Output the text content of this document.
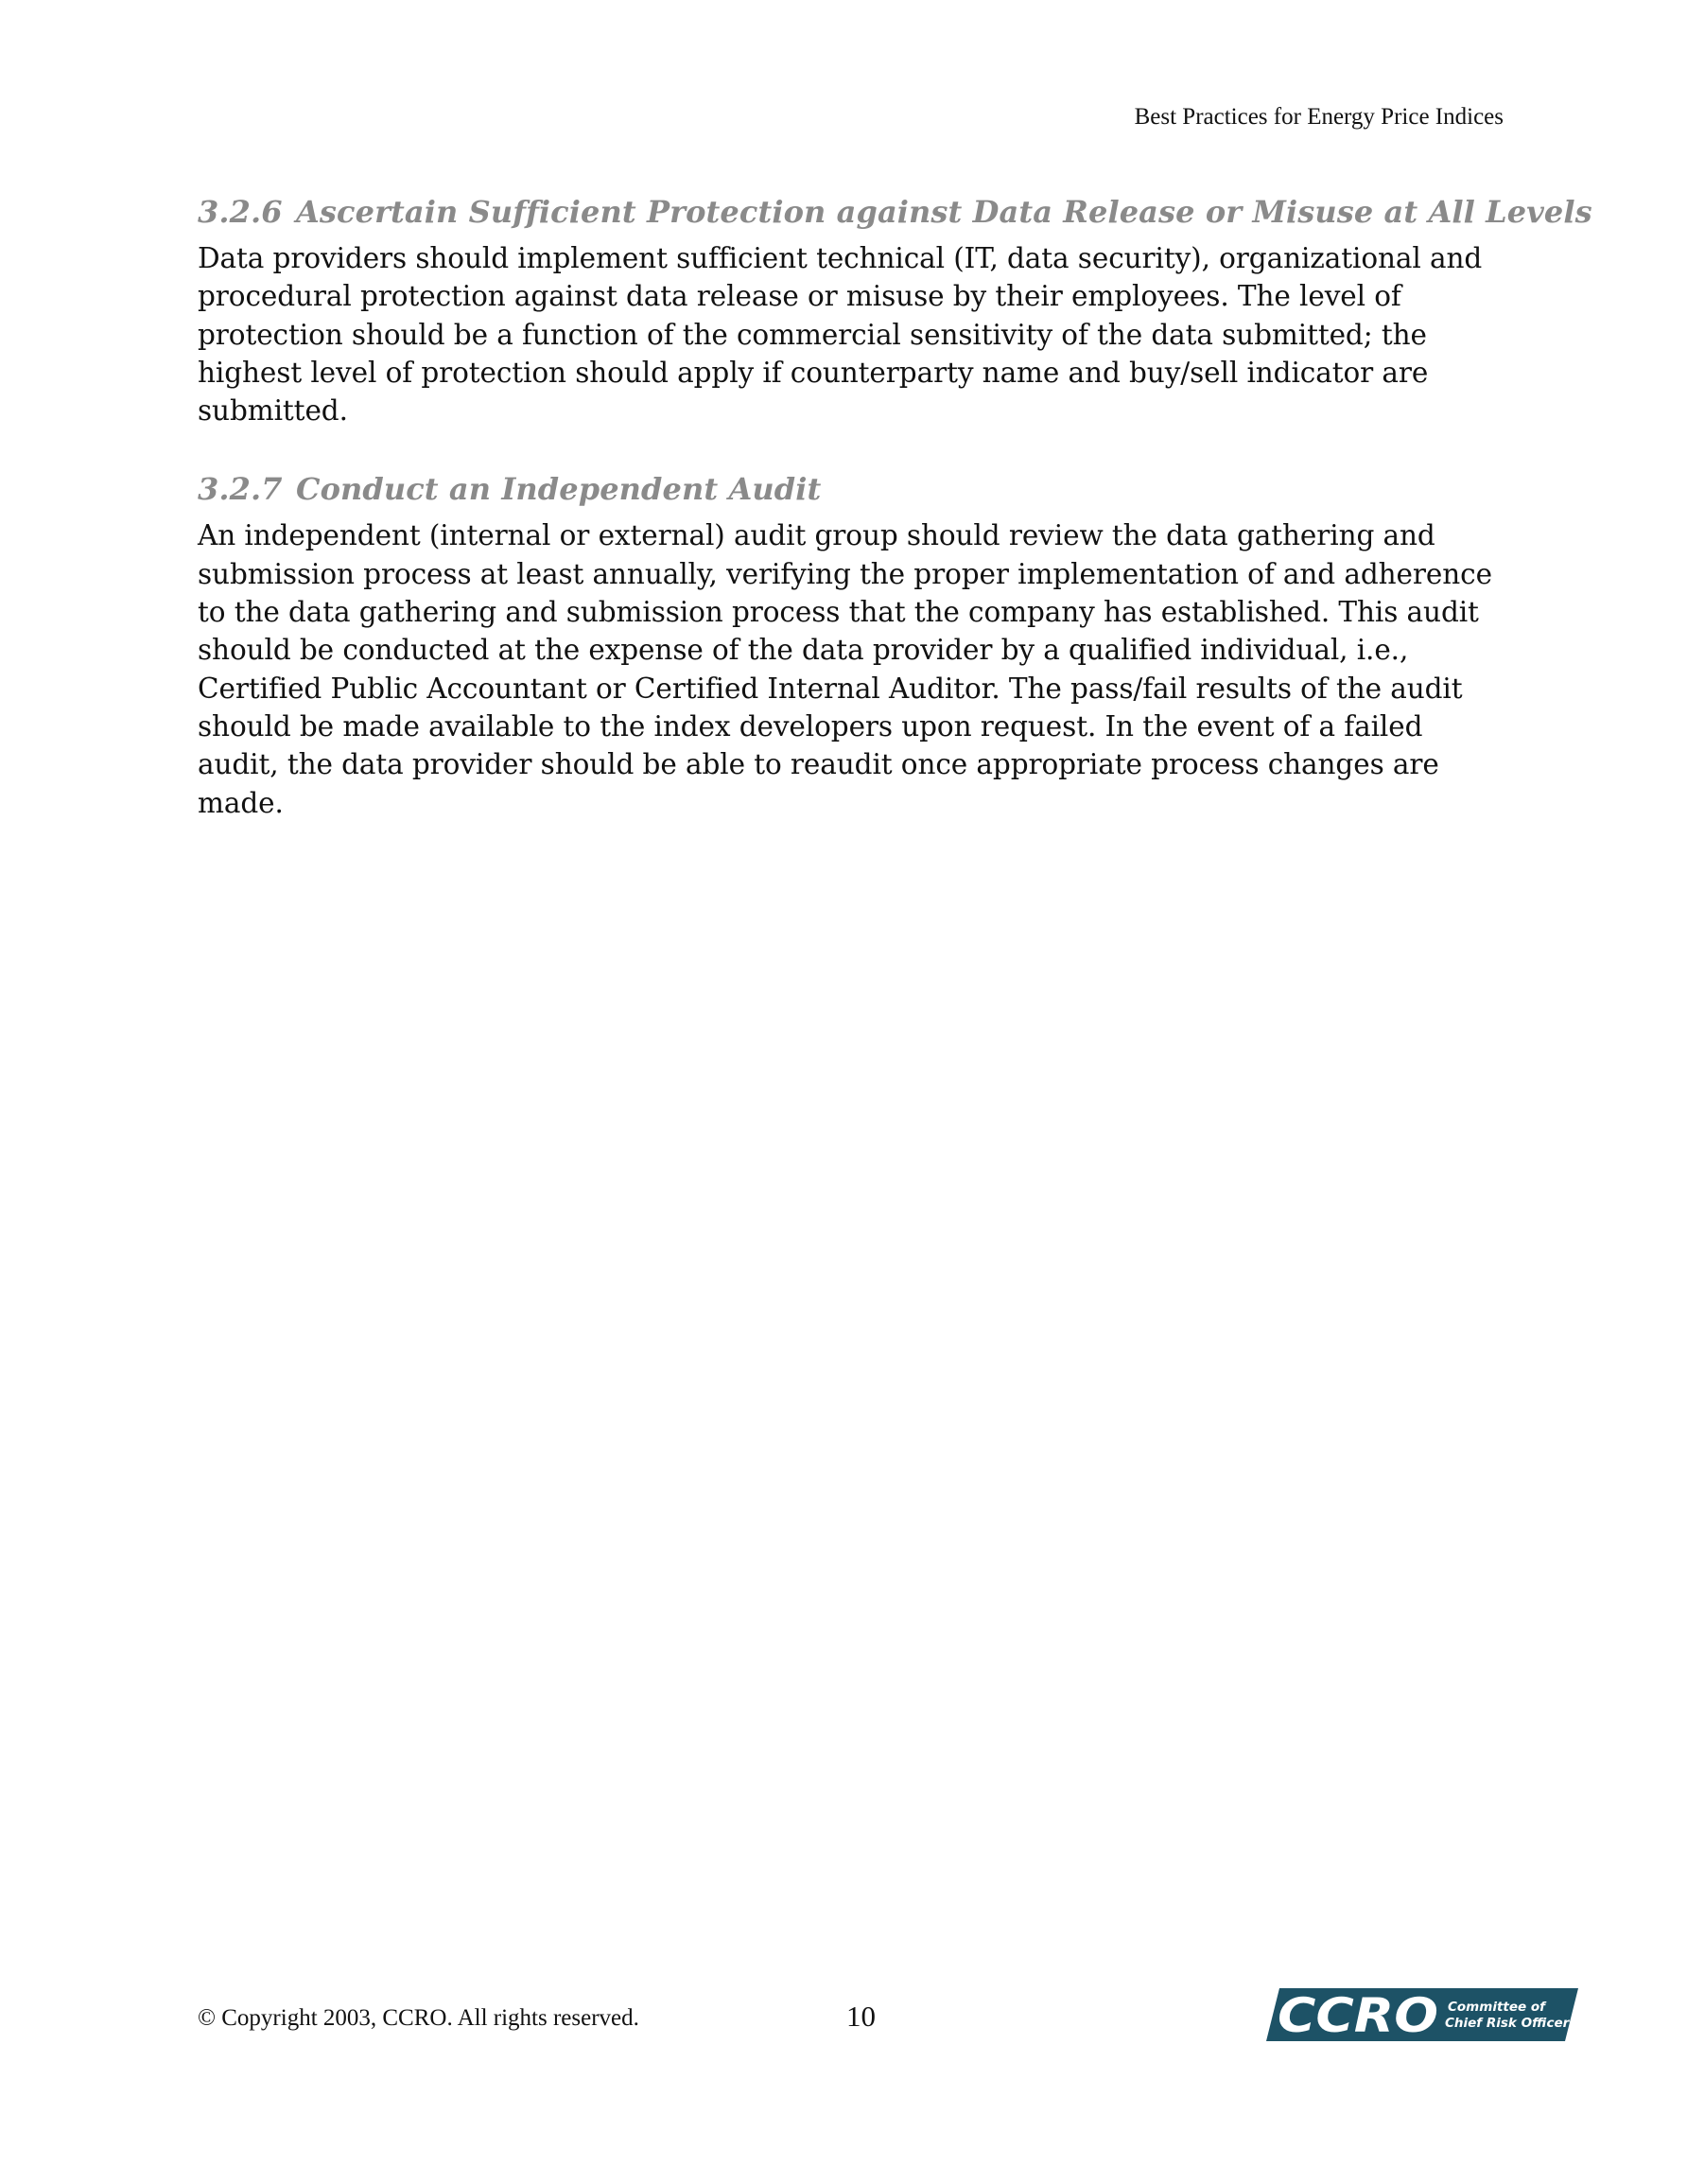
Best Practices for Energy Price Indices
3.2.6 Ascertain Sufficient Protection against Data Release or Misuse at All Levels

Data providers should implement sufficient technical (IT, data security), organizational and procedural protection against data release or misuse by their employees. The level of protection should be a function of the commercial sensitivity of the data submitted; the highest level of protection should apply if counterparty name and buy/sell indicator are submitted.

3.2.7 Conduct an Independent Audit

An independent (internal or external) audit group should review the data gathering and submission process at least annually, verifying the proper implementation of and adherence to the data gathering and submission process that the company has established. This audit should be conducted at the expense of the data provider by a qualified individual, i.e., Certified Public Accountant or Certified Internal Auditor. The pass/fail results of the audit should be made available to the index developers upon request. In the event of a failed audit, the data provider should be able to reaudit once appropriate process changes are made.

© Copyright 2003, CCRO. All rights reserved.	10	CCRO Committee of
Chief Risk Officers
